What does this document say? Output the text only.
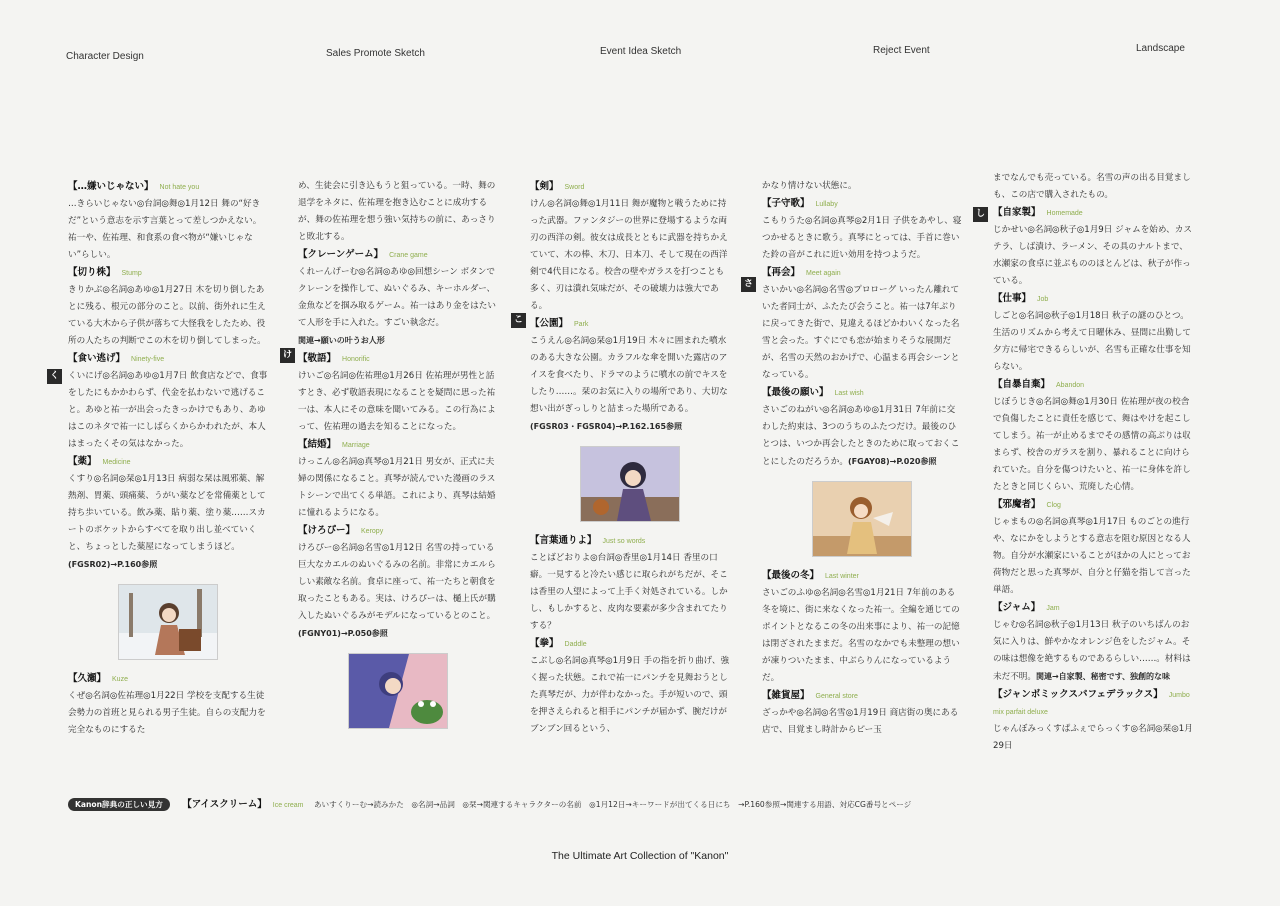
Character Design	Sales Promote Sketch	Event Idea Sketch	Reject Event	Landscape
く
け
こ
さ
し
【…嫌いじゃない】 Not hate you

…きらいじゃない◎台詞◎舞◎1月12日 舞の“好きだ”という意志を示す言葉とって差しつかえない。祐一や、佐祐理、和食系の食べ物が“嫌いじゃない”らしい。

【切り株】 Stump

きりかぶ◎名詞◎あゆ◎1月27日 木を切り倒したあとに残る、根元の部分のこと。以前、街外れに生えている大木から子供が落ちて大怪我をしたため、役所の人たちの判断でこの木を切り倒してしまった。

【食い逃げ】 Ninety-five

くいにげ◎名詞◎あゆ◎1月7日 飲食店などで、食事をしたにもかかわらず、代金を払わないで逃げること。あゆと祐一が出会ったきっかけでもあり、あゆはこのネタで祐一にしばらくからかわれたが、本人はまったくその気はなかった。

【薬】 Medicine

くすり◎名詞◎栞◎1月13日 病弱な栞は風邪薬、解熱剤、胃薬、頭痛薬、うがい薬などを常備薬として持ち歩いている。飲み薬、貼り薬、塗り薬……スカートのポケットからすべてを取り出し並べていくと、ちょっとした薬屋になってしまうほど。(FGSR02)→P.160参照

【久瀬】 Kuze

くぜ◎名詞◎佐祐理◎1月22日 学校を支配する生徒会勢力の首班と見られる男子生徒。自らの支配力を完全なものにするた

め、生徒会に引き込もうと狙っている。一時、舞の退学をネタに、佐祐理を抱き込むことに成功するが、舞の佐祐理を想う強い気持ちの前に、あっさりと敗北する。

【クレーンゲーム】 Crane game

くれーんげーむ◎名詞◎あゆ◎回想シーン ボタンでクレーンを操作して、ぬいぐるみ、キーホルダー、金魚などを掴み取るゲーム。祐一はあり金をはたいて人形を手に入れた。すごい執念だ。
関連→願いの叶うお人形

【敬語】 Honorific

けいご◎名詞◎佐祐理◎1月26日 佐祐理が男性と話すとき、必ず敬語表現になることを疑問に思った祐一は、本人にその意味を聞いてみる。この行為によって、佐祐理の過去を知ることになった。

【結婚】 Marriage

けっこん◎名詞◎真琴◎1月21日 男女が、正式に夫婦の関係になること。真琴が読んでいた漫画のラストシーンで出てくる単語。これにより、真琴は結婚に憧れるようになる。

【けろぴー】 Keropy

けろぴー◎名詞◎名雪◎1月12日 名雪の持っている巨大なカエルのぬいぐるみの名前。非常にカエルらしい素敵な名前。食卓に座って、祐一たちと朝食を取ったこともある。実は、けろぴーは、樋上氏が購入したぬいぐるみがモデルになっているとのこと。(FGNY01)→P.050参照

【剣】 Sword

けん◎名詞◎舞◎1月11日 舞が魔物と戦うために持った武器。ファンタジーの世界に登場するような両刃の西洋の剣。彼女は成長とともに武器を持ちかえていて、木の棒、木刀、日本刀、そして現在の西洋剣で4代目になる。校舎の壁やガラスを打つことも多く、刃は潰れ気味だが、その破壊力は強大である。

【公園】 Park

こうえん◎名詞◎栞◎1月19日 木々に囲まれた噴水のある大きな公園。カラフルな傘を開いた露店のアイスを食べたり、ドラマのように噴水の前でキスをしたり……。栞のお気に入りの場所であり、大切な想い出がぎっしりと詰まった場所である。(FGSR03・FGSR04)→P.162.165参照

【言葉通りよ】 Just so words

ことばどおりよ◎台詞◎香里◎1月14日 香里の口癖。一見すると冷たい感じに取られがちだが、そこは香里の人望によって上手く対処されている。しかし、もしかすると、皮肉な要素が多少含まれてたりする？

【拳】 Daddle

こぶし◎名詞◎真琴◎1月9日 手の指を折り曲げ、強く握った状態。これで祐一にパンチを見舞おうとした真琴だが、力が伴わなかった。手が短いので、頭を押さえられると相手にパンチが届かず、腕だけがブンブン回るという、

かなり情けない状態に。

【子守歌】 Lullaby

こもりうた◎名詞◎真琴◎2月1日 子供をあやし、寝つかせるときに歌う。真琴にとっては、手首に巻いた鈴の音がこれに近い効用を持つようだ。

【再会】 Meet again

さいかい◎名詞◎名雪◎プロローグ いったん離れていた者同士が、ふたたび会うこと。祐一は7年ぶりに戻ってきた街で、見違えるほどかわいくなった名雪と会った。すぐにでも恋が始まりそうな展開だが、名雪の天然のおかげで、心温まる再会シーンとなっている。

【最後の願い】 Last wish

さいごのねがい◎名詞◎あゆ◎1月31日 7年前に交わした約束は、3つのうちのふたつだけ。最後のひとつは、いつか再会したときのために取っておくことにしたのだろうか。(FGAY08)→P.020参照

【最後の冬】 Last winter

さいごのふゆ◎名詞◎名雪◎1月21日 7年前のある冬を境に、街に来なくなった祐一。全編を通じてのポイントとなるこの冬の出来事により、祐一の記憶は閉ざされたままだ。名雪のなかでも未整理の想いが凍りついたまま、中ぶらりんになっているようだ。

【雑貨屋】 General store

ざっかや◎名詞◎名雪◎1月19日 商店街の奥にある店で、目覚まし時計からピー玉

までなんでも売っている。名雪の声の出る目覚ましも、この店で購入されたもの。

【自家製】 Homemade

じかせい◎名詞◎秋子◎1月9日 ジャムを始め、カステラ、しば漬け、ラーメン、その具のナルトまで、水瀬家の食卓に並ぶもののほとんどは、秋子が作っている。

【仕事】 Job

しごと◎名詞◎秋子◎1月18日 秋子の謎のひとつ。生活のリズムから考えて日曜休み、昼間に出勤して夕方に帰宅できるらしいが、名雪も正確な仕事を知らない。

【自暴自棄】 Abandon

じぼうじき◎名詞◎舞◎1月30日 佐祐理が夜の校舎で負傷したことに責任を感じて、舞はやけを起こしてしまう。祐一が止めるまでその感情の高ぶりは収まらず、校舎のガラスを割り、暴れることに向けられていた。自分を傷つけたいと、祐一に身体を許したときと同じくらい、荒廃した心情。

【邪魔者】 Clog

じゃまもの◎名詞◎真琴◎1月17日 ものごとの進行や、なにかをしようとする意志を阻む原因となる人物。自分が水瀬家にいることがほかの人にとってお荷物だと思った真琴が、自分と仔猫を指して言った単語。

【ジャム】 Jam

じゃむ◎名詞◎秋子◎1月13日 秋子のいちばんのお気に入りは、鮮やかなオレンジ色をしたジャム。その味は想像を絶するものであるらしい……。材料は未だ不明。関連→自家製、秘密です、独創的な味

【ジャンボミックスパフェデラックス】 Jumbo mix parfait deluxe

じゃんぼみっくすぱふぇでらっくす◎名詞◎栞◎1月29日

Kanon辞典の正しい見方 【アイスクリーム】 Ice cream あいすくりーむ→読みかた　◎名詞→品詞　◎栞→関連するキャラクターの名前　◎1月12日→キーワードが出てくる日にち　→P.160参照→関連する用語、対応CG番号とページ
The Ultimate Art Collection of "Kanon"
